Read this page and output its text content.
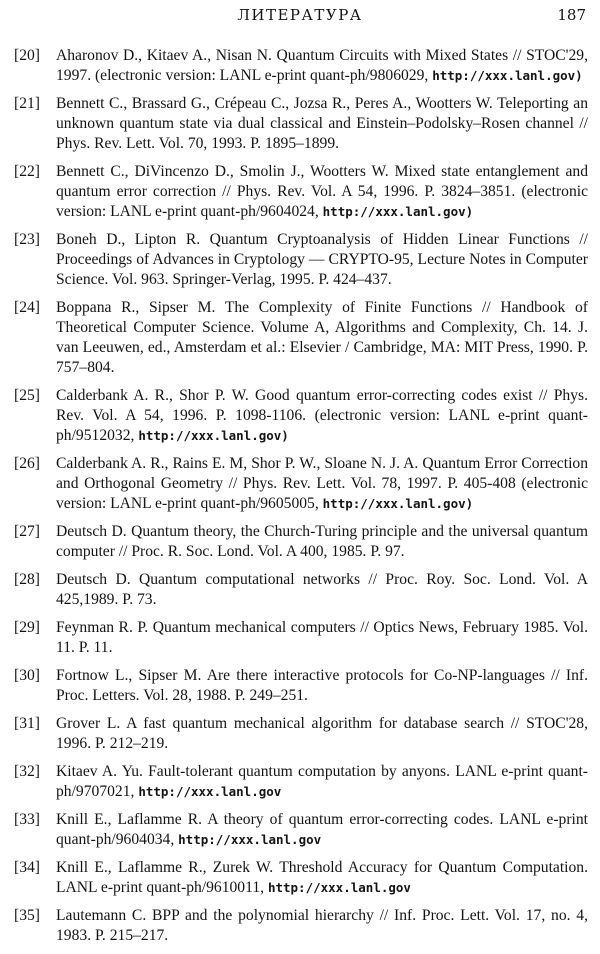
ЛИТЕРАТУРА	187
[20] Aharonov D., Kitaev A., Nisan N. Quantum Circuits with Mixed States // STOC'29, 1997. (electronic version: LANL e-print quant-ph/9806029, http://xxx.lanl.gov)
[21] Bennett C., Brassard G., Crépeau C., Jozsa R., Peres A., Wootters W. Teleporting an unknown quantum state via dual classical and Einstein–Podolsky–Rosen channel // Phys. Rev. Lett. Vol. 70, 1993. P. 1895–1899.
[22] Bennett C., DiVincenzo D., Smolin J., Wootters W. Mixed state entanglement and quantum error correction // Phys. Rev. Vol. A 54, 1996. P. 3824–3851. (electronic version: LANL e-print quant-ph/9604024, http://xxx.lanl.gov)
[23] Boneh D., Lipton R. Quantum Cryptoanalysis of Hidden Linear Functions // Proceedings of Advances in Cryptology — CRYPTO-95, Lecture Notes in Computer Science. Vol. 963. Springer-Verlag, 1995. P. 424–437.
[24] Boppana R., Sipser M. The Complexity of Finite Functions // Handbook of Theoretical Computer Science. Volume A, Algorithms and Complexity, Ch. 14. J. van Leeuwen, ed., Amsterdam et al.: Elsevier / Cambridge, MA: MIT Press, 1990. P. 757–804.
[25] Calderbank A. R., Shor P. W. Good quantum error-correcting codes exist // Phys. Rev. Vol. A 54, 1996. P. 1098-1106. (electronic version: LANL e-print quant-ph/9512032, http://xxx.lanl.gov)
[26] Calderbank A. R., Rains E. M, Shor P. W., Sloane N. J. A. Quantum Error Correction and Orthogonal Geometry // Phys. Rev. Lett. Vol. 78, 1997. P. 405-408 (electronic version: LANL e-print quant-ph/9605005, http://xxx.lanl.gov)
[27] Deutsch D. Quantum theory, the Church-Turing principle and the universal quantum computer // Proc. R. Soc. Lond. Vol. A 400, 1985. P. 97.
[28] Deutsch D. Quantum computational networks // Proc. Roy. Soc. Lond. Vol. A 425,1989. P. 73.
[29] Feynman R. P. Quantum mechanical computers // Optics News, February 1985. Vol. 11. P. 11.
[30] Fortnow L., Sipser M. Are there interactive protocols for Co-NP-languages // Inf. Proc. Letters. Vol. 28, 1988. P. 249–251.
[31] Grover L. A fast quantum mechanical algorithm for database search // STOC'28, 1996. P. 212–219.
[32] Kitaev A. Yu. Fault-tolerant quantum computation by anyons. LANL e-print quant-ph/9707021, http://xxx.lanl.gov
[33] Knill E., Laflamme R. A theory of quantum error-correcting codes. LANL e-print quant-ph/9604034, http://xxx.lanl.gov
[34] Knill E., Laflamme R., Zurek W. Threshold Accuracy for Quantum Computation. LANL e-print quant-ph/9610011, http://xxx.lanl.gov
[35] Lautemann C. BPP and the polynomial hierarchy // Inf. Proc. Lett. Vol. 17, no. 4, 1983. P. 215–217.
